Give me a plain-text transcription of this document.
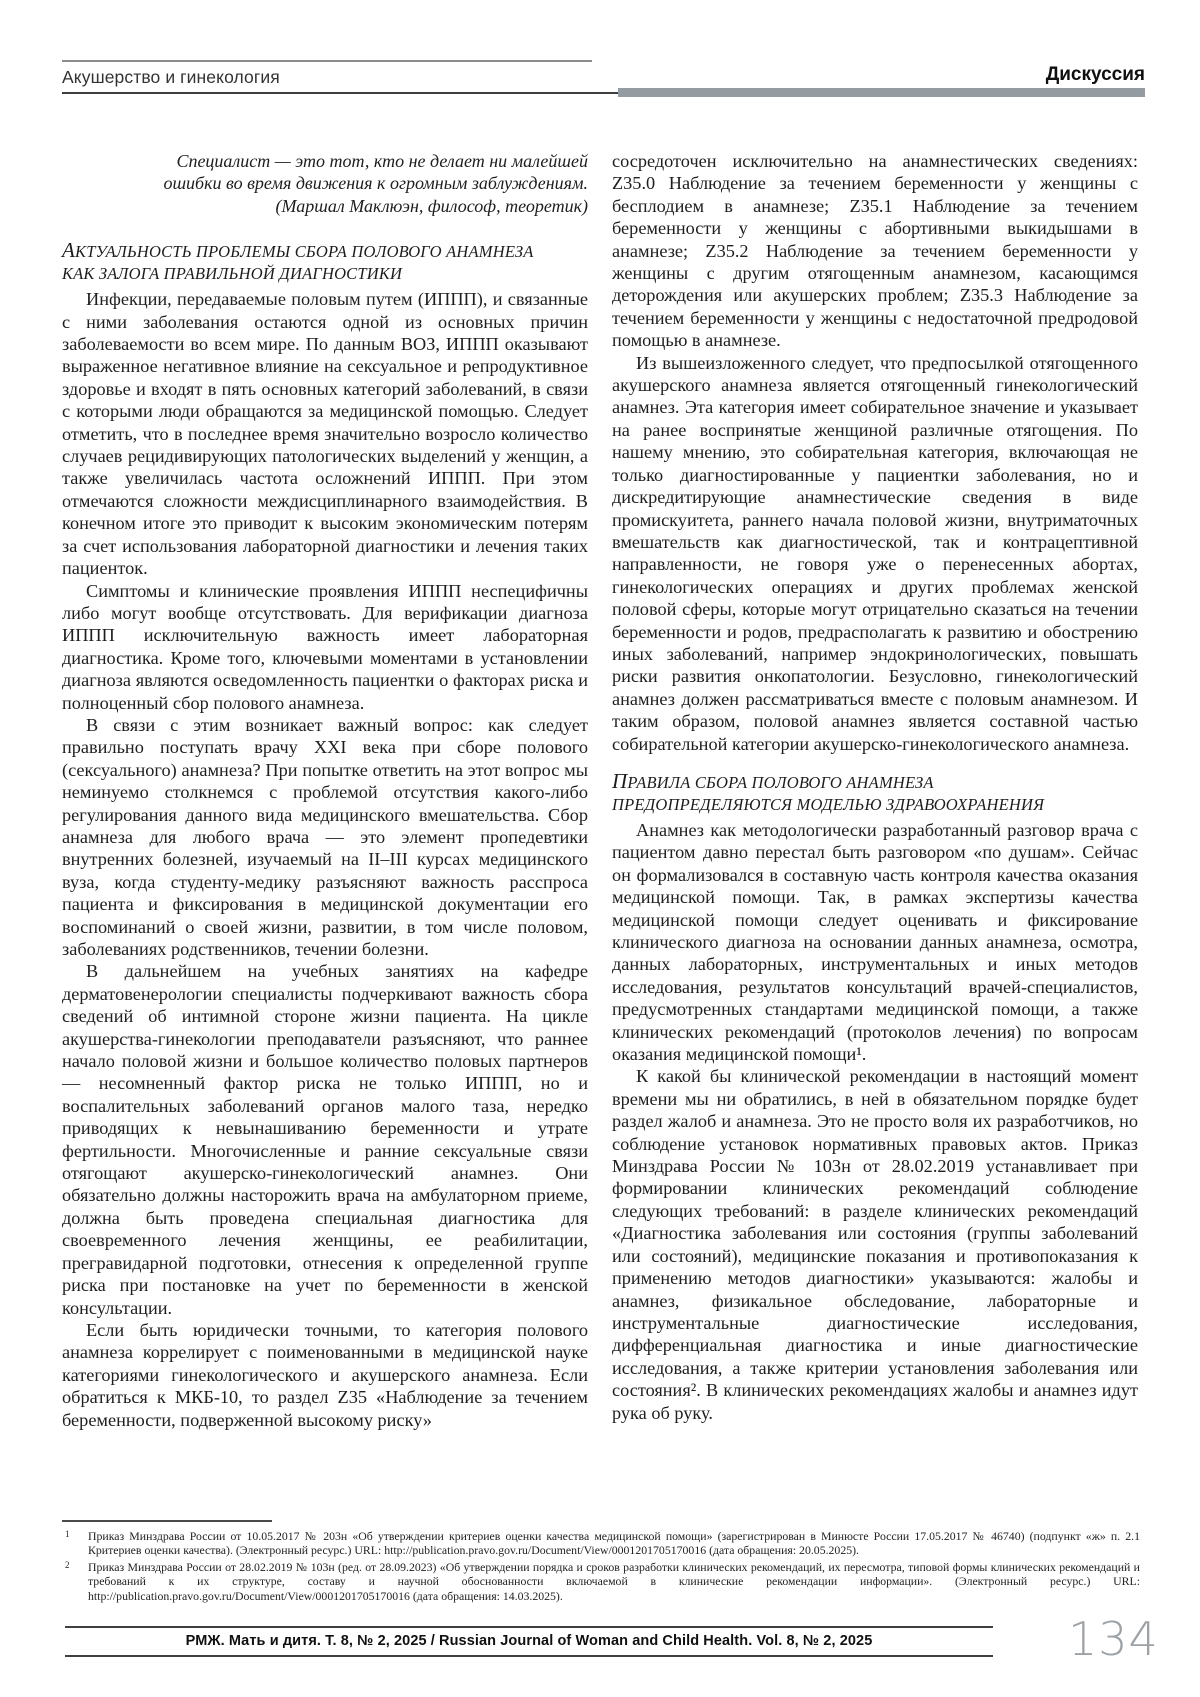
Акушерство и гинекология	Дискуссия
Специалист — это тот, кто не делает ни малейшей
ошибки во время движения к огромным заблуждениям.
(Маршал Маклюэн, философ, теоретик)
АКТУАЛЬНОСТЬ ПРОБЛЕМЫ СБОРА ПОЛОВОГО АНАМНЕЗА
КАК ЗАЛОГА ПРАВИЛЬНОЙ ДИАГНОСТИКИ

Инфекции, передаваемые половым путем (ИППП), и связанные с ними заболевания остаются одной из основных причин заболеваемости во всем мире. По данным ВОЗ, ИППП оказывают выраженное негативное влияние на сексуальное и репродуктивное здоровье и входят в пять основных категорий заболеваний, в связи с которыми люди обращаются за медицинской помощью. Следует отметить, что в последнее время значительно возросло количество случаев рецидивирующих патологических выделений у женщин, а также увеличилась частота осложнений ИППП. При этом отмечаются сложности междисциплинарного взаимодействия. В конечном итоге это приводит к высоким экономическим потерям за счет использования лабораторной диагностики и лечения таких пациенток.

Симптомы и клинические проявления ИППП неспецифичны либо могут вообще отсутствовать. Для верификации диагноза ИППП исключительную важность имеет лабораторная диагностика. Кроме того, ключевыми моментами в установлении диагноза являются осведомленность пациентки о факторах риска и полноценный сбор полового анамнеза.

В связи с этим возникает важный вопрос: как следует правильно поступать врачу XXI века при сборе полового (сексуального) анамнеза? При попытке ответить на этот вопрос мы неминуемо столкнемся с проблемой отсутствия какого-либо регулирования данного вида медицинского вмешательства. Сбор анамнеза для любого врача — это элемент пропедевтики внутренних болезней, изучаемый на II–III курсах медицинского вуза, когда студенту-медику разъясняют важность расспроса пациента и фиксирования в медицинской документации его воспоминаний о своей жизни, развитии, в том числе половом, заболеваниях родственников, течении болезни.

В дальнейшем на учебных занятиях на кафедре дерматовенерологии специалисты подчеркивают важность сбора сведений об интимной стороне жизни пациента. На цикле акушерства-гинекологии преподаватели разъясняют, что раннее начало половой жизни и большое количество половых партнеров — несомненный фактор риска не только ИППП, но и воспалительных заболеваний органов малого таза, нередко приводящих к невынашиванию беременности и утрате фертильности. Многочисленные и ранние сексуальные связи отягощают акушерско-гинекологический анамнез. Они обязательно должны насторожить врача на амбулаторном приеме, должна быть проведена специальная диагностика для своевременного лечения женщины, ее реабилитации, прегравидарной подготовки, отнесения к определенной группе риска при постановке на учет по беременности в женской консультации.

Если быть юридически точными, то категория полового анамнеза коррелирует с поименованными в медицинской науке категориями гинекологического и акушерского анамнеза. Если обратиться к МКБ-10, то раздел Z35 «Наблюдение за течением беременности, подверженной высокому риску»

сосредоточен исключительно на анамнестических сведениях: Z35.0 Наблюдение за течением беременности у женщины с бесплодием в анамнезе; Z35.1 Наблюдение за течением беременности у женщины с абортивными выкидышами в анамнезе; Z35.2 Наблюдение за течением беременности у женщины с другим отягощенным анамнезом, касающимся деторождения или акушерских проблем; Z35.3 Наблюдение за течением беременности у женщины с недостаточной предродовой помощью в анамнезе.

Из вышеизложенного следует, что предпосылкой отягощенного акушерского анамнеза является отягощенный гинекологический анамнез. Эта категория имеет собирательное значение и указывает на ранее воспринятые женщиной различные отягощения. По нашему мнению, это собирательная категория, включающая не только диагностированные у пациентки заболевания, но и дискредитирующие анамнестические сведения в виде промискуитета, раннего начала половой жизни, внутриматочных вмешательств как диагностической, так и контрацептивной направленности, не говоря уже о перенесенных абортах, гинекологических операциях и других проблемах женской половой сферы, которые могут отрицательно сказаться на течении беременности и родов, предрасполагать к развитию и обострению иных заболеваний, например эндокринологических, повышать риски развития онкопатологии. Безусловно, гинекологический анамнез должен рассматриваться вместе с половым анамнезом. И таким образом, половой анамнез является составной частью собирательной категории акушерско-гинекологического анамнеза.

ПРАВИЛА СБОРА ПОЛОВОГО АНАМНЕЗА
ПРЕДОПРЕДЕЛЯЮТСЯ МОДЕЛЬЮ ЗДРАВООХРАНЕНИЯ

Анамнез как методологически разработанный разговор врача с пациентом давно перестал быть разговором «по душам». Сейчас он формализовался в составную часть контроля качества оказания медицинской помощи. Так, в рамках экспертизы качества медицинской помощи следует оценивать и фиксирование клинического диагноза на основании данных анамнеза, осмотра, данных лабораторных, инструментальных и иных методов исследования, результатов консультаций врачей-специалистов, предусмотренных стандартами медицинской помощи, а также клинических рекомендаций (протоколов лечения) по вопросам оказания медицинской помощи¹.

К какой бы клинической рекомендации в настоящий момент времени мы ни обратились, в ней в обязательном порядке будет раздел жалоб и анамнеза. Это не просто воля их разработчиков, но соблюдение установок нормативных правовых актов. Приказ Минздрава России № 103н от 28.02.2019 устанавливает при формировании клинических рекомендаций соблюдение следующих требований: в разделе клинических рекомендаций «Диагностика заболевания или состояния (группы заболеваний или состояний), медицинские показания и противопоказания к применению методов диагностики» указываются: жалобы и анамнез, физикальное обследование, лабораторные и инструментальные диагностические исследования, дифференциальная диагностика и иные диагностические исследования, а также критерии установления заболевания или состояния². В клинических рекомендациях жалобы и анамнез идут рука об руку.

1	Приказ Минздрава России от 10.05.2017 № 203н «Об утверждении критериев оценки качества медицинской помощи» (зарегистрирован в Минюсте России 17.05.2017 № 46740) (подпункт «ж» п. 2.1 Критериев оценки качества). (Электронный ресурс.) URL: http://publication.pravo.gov.ru/Document/View/0001201705170016 (дата обращения: 20.05.2025).
2	Приказ Минздрава России от 28.02.2019 № 103н (ред. от 28.09.2023) «Об утверждении порядка и сроков разработки клинических рекомендаций, их пересмотра, типовой формы клинических рекомендаций и требований к их структуре, составу и научной обоснованности включаемой в клинические рекомендации информации». (Электронный ресурс.) URL: http://publication.pravo.gov.ru/Document/View/0001201705170016 (дата обращения: 14.03.2025).
РМЖ. Мать и дитя. Т. 8, № 2, 2025 / Russian Journal of Woman and Child Health. Vol. 8, № 2, 2025	134
